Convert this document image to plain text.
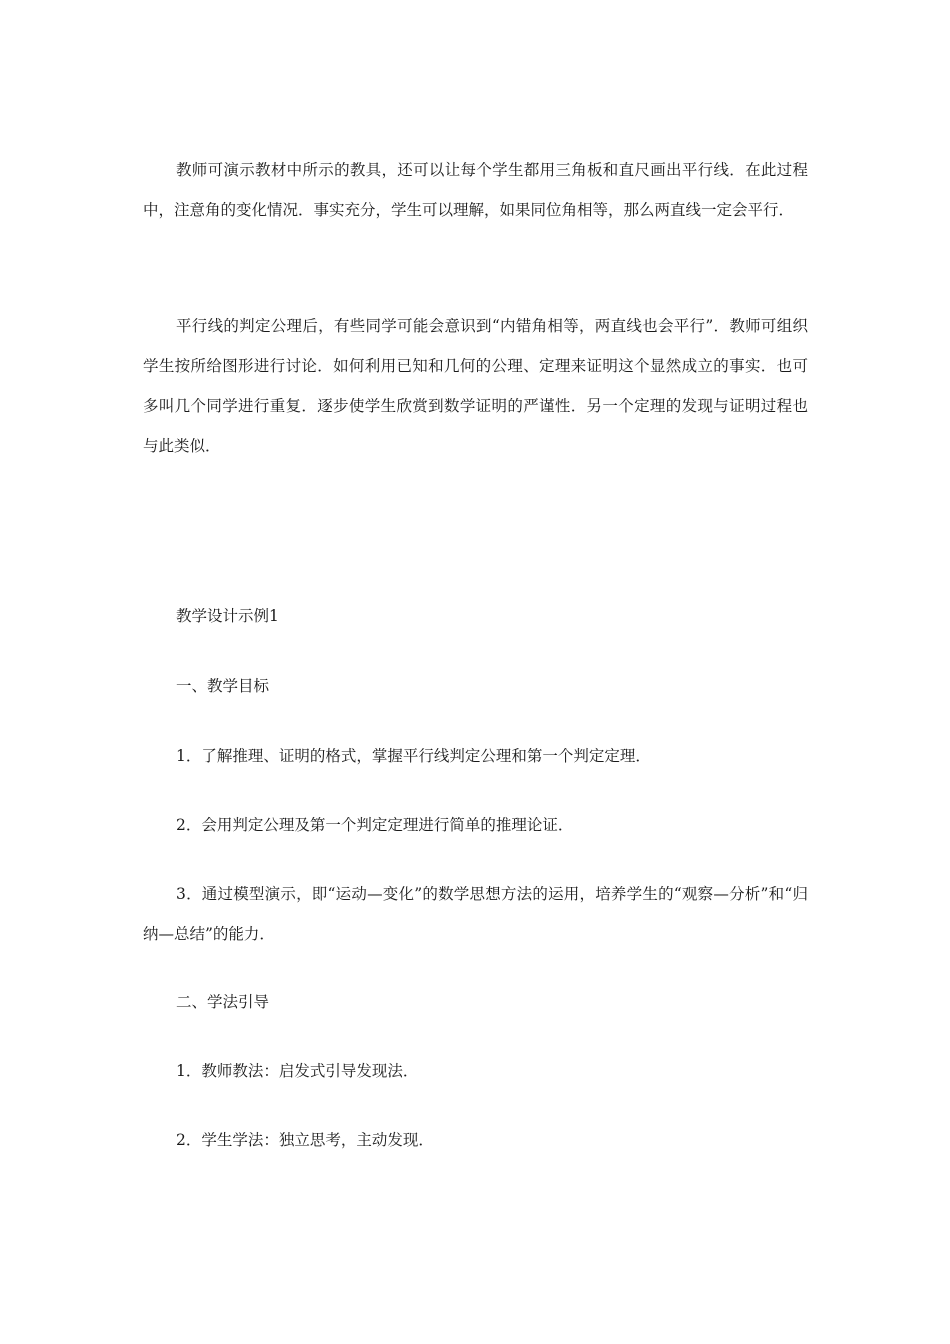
教师可演示教材中所示的教具，还可以让每个学生都用三角板和直尺画出平行线．在此过程中，注意角的变化情况．事实充分，学生可以理解，如果同位角相等，那么两直线一定会平行．

平行线的判定公理后，有些同学可能会意识到“内错角相等，两直线也会平行”．教师可组织学生按所给图形进行讨论．如何利用已知和几何的公理、定理来证明这个显然成立的事实．也可多叫几个同学进行重复．逐步使学生欣赏到数学证明的严谨性．另一个定理的发现与证明过程也与此类似．

教学设计示例1

一、教学目标

1．了解推理、证明的格式，掌握平行线判定公理和第一个判定定理．

2．会用判定公理及第一个判定定理进行简单的推理论证．

3．通过模型演示，即“运动—变化”的数学思想方法的运用，培养学生的“观察—分析”和“归纳—总结”的能力．

二、学法引导

1．教师教法：启发式引导发现法．

2．学生学法：独立思考，主动发现．
